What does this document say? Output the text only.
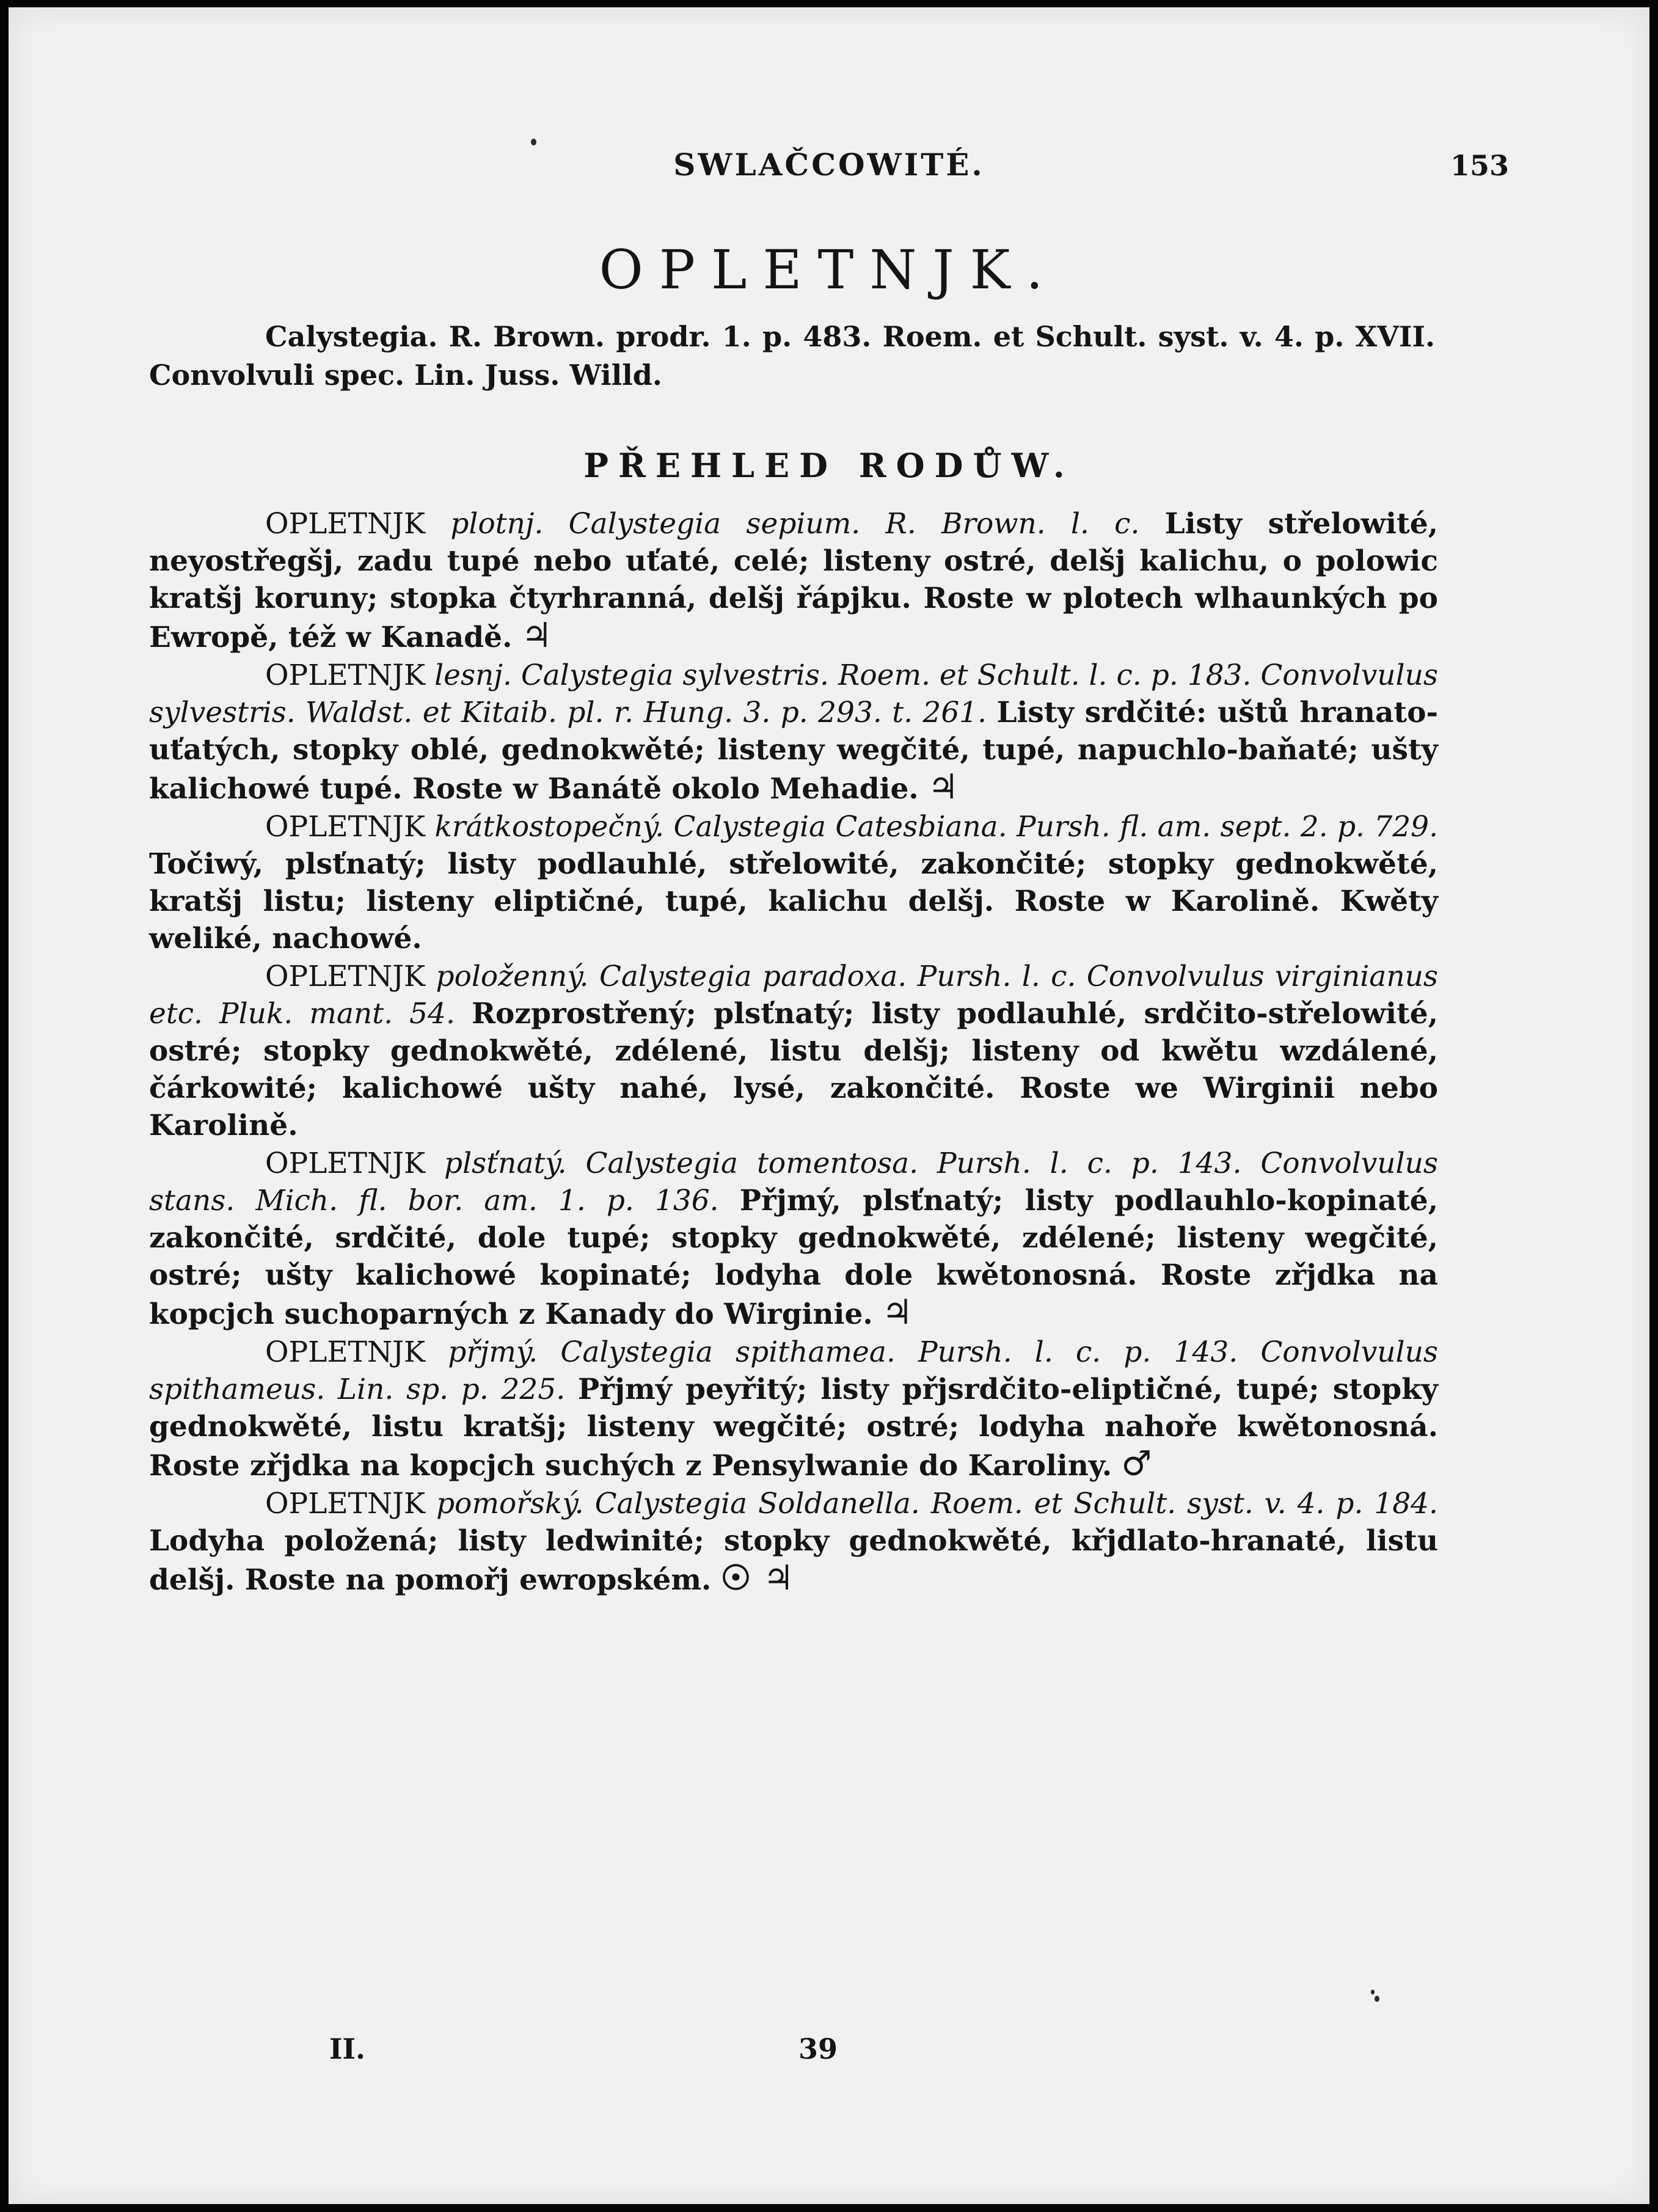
SWLAČCOWITÉ.	153
OPLETNJK.
Calystegia. R. Brown. prodr. 1. p. 483. Roem. et Schult. syst. v. 4. p. XVII. Convolvuli spec. Lin. Juss. Willd.
PŘEHLED RODŮW.

OPLETNJK plotnj. Calystegia sepium. R. Brown. l. c. Listy střelowité, neyostřegšj, zadu tupé nebo uťaté, celé; listeny ostré, delšj kalichu, o polowic kratšj koruny; stopka čtyrhranná, delšj řápjku. Roste w plotech wlhaunkých po Ewropě, též w Kanadě. ♃

OPLETNJK lesnj. Calystegia sylvestris. Roem. et Schult. l. c. p. 183. Convolvulus sylvestris. Waldst. et Kitaib. pl. r. Hung. 3. p. 293. t. 261. Listy srdčité: uštů hranato-uťatých, stopky oblé, gednokwěté; listeny wegčité, tupé, napuchlo-baňaté; ušty kalichowé tupé. Roste w Banátě okolo Mehadie. ♃

OPLETNJK krátkostopečný. Calystegia Catesbiana. Pursh. fl. am. sept. 2. p. 729. Točiwý, plsťnatý; listy podlauhlé, střelowité, zakončité; stopky gednokwěté, kratšj listu; listeny eliptičné, tupé, kalichu delšj. Roste w Karolině. Kwěty weliké, nachowé.

OPLETNJK položenný. Calystegia paradoxa. Pursh. l. c. Convolvulus virginianus etc. Pluk. mant. 54. Rozprostřený; plsťnatý; listy podlauhlé, srdčito-střelowité, ostré; stopky gednokwěté, zdélené, listu delšj; listeny od kwětu wzdálené, čárkowité; kalichowé ušty nahé, lysé, zakončité. Roste we Wirginii nebo Karolině.

OPLETNJK plsťnatý. Calystegia tomentosa. Pursh. l. c. p. 143. Convolvulus stans. Mich. fl. bor. am. 1. p. 136. Přjmý, plsťnatý; listy podlauhlo-kopinaté, zakončité, srdčité, dole tupé; stopky gednokwěté, zdélené; listeny wegčité, ostré; ušty kalichowé kopinaté; lodyha dole kwětonosná. Roste zřjdka na kopcjch suchoparných z Kanady do Wirginie. ♃

OPLETNJK přjmý. Calystegia spithamea. Pursh. l. c. p. 143. Convolvulus spithameus. Lin. sp. p. 225. Přjmý peyřitý; listy přjsrdčito-eliptičné, tupé; stopky gednokwěté, listu kratšj; listeny wegčité; ostré; lodyha nahoře kwětonosná. Roste zřjdka na kopcjch suchých z Pensylwanie do Karoliny. ♂

OPLETNJK pomořský. Calystegia Soldanella. Roem. et Schult. syst. v. 4. p. 184. Lodyha položená; listy ledwinité; stopky gednokwěté, křjdlato-hranaté, listu delšj. Roste na pomořj ewropském. ☉ ♃

II.	39
